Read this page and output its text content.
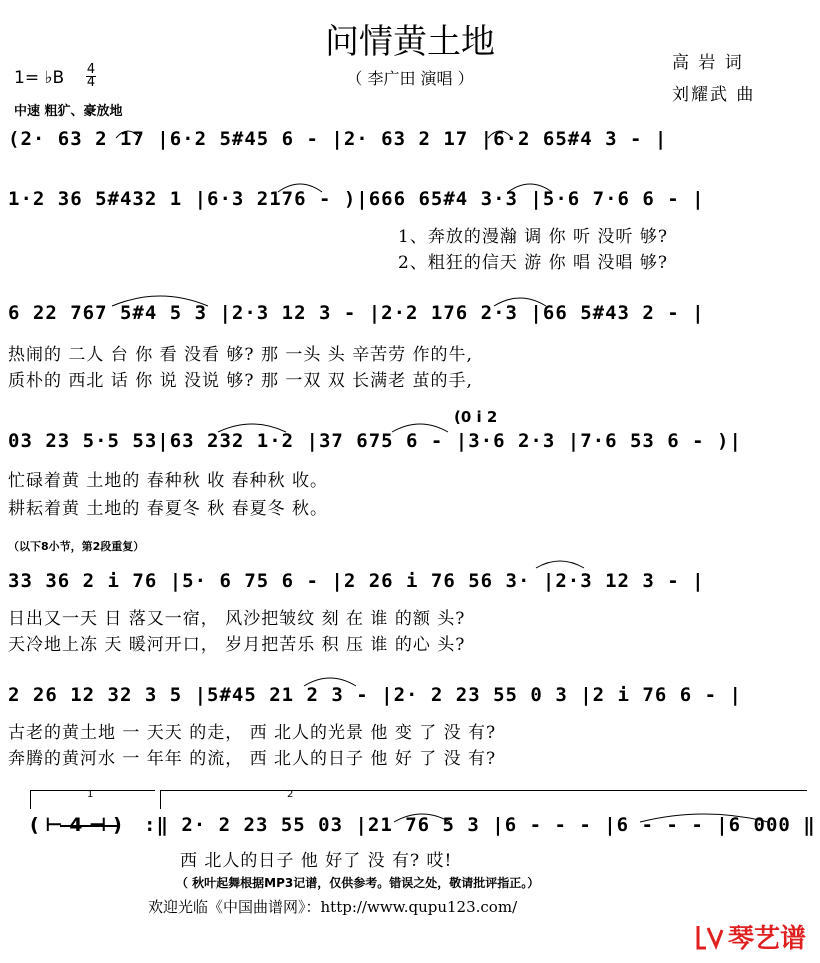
问情黄土地
（ 李广田 演唱 ）
高 岩 词
刘耀武 曲
1= ♭B 4
4
中速 粗犷、豪放地
(2· 63 2 17 |6·2 5#45 6 - |2· 63 2 17 |6·2 65#4 3 - |
1·2 36 5#432 1 |6·3 2176 - )|666 65#4 3·3 |5·6 7·6 6 - |
1、奔放的漫瀚 调 你 听 没听 够?
2、粗狂的信天 游 你 唱 没唱 够?
6 22 767 5#4 5 3 |2·3 12 3 - |2·2 176 2·3 |66 5#43 2 - |
热闹的 二人 台 你 看 没看 够? 那 一头 头 辛苦劳 作的牛,
质朴的 西北 话 你 说 没说 够? 那 一双 双 长满老 茧的手,
(0 i 2
03 23 5·5 53|63 232 1·2 |37 675 6 - |3·6 2·3 |7·6 53 6 - )|
忙碌着黄 土地的 春种秋 收 春种秋 收。
耕耘着黄 土地的 春夏冬 秋 春夏冬 秋。
（以下8小节，第2段重复）
33 36 2 i 76 |5· 6 75 6 - |2 26 i 76 56 3· |2·3 12 3 - |
日出又一天 日 落又一宿， 风沙把皱纹 刻 在 谁 的额 头?
天冷地上冻 天 暖河开口， 岁月把苦乐 积 压 谁 的心 头?
2 26 12 32 3 5 |5#45 21 2 3 - |2· 2 23 55 0 3 |2 i 76 6 - |
古老的黄土地 一 天天 的走， 西 北人的光景 他 变 了 没 有?
奔腾的黄河水 一 年年 的流， 西 北人的日子 他 好 了 没 有?
1	2
( ⊢ 4 ⊣ ) :‖ 2· 2 23 55 03 |21 76 5 3 |6 - - - |6 - - - |6 000 ‖
西 北人的日子 他 好了 没 有? 哎!
（ 秋叶起舞根据MP3记谱，仅供参考。错误之处，敬请批评指正。）
欢迎光临《中国曲谱网》：http://www.qupu123.com/
琴艺谱
